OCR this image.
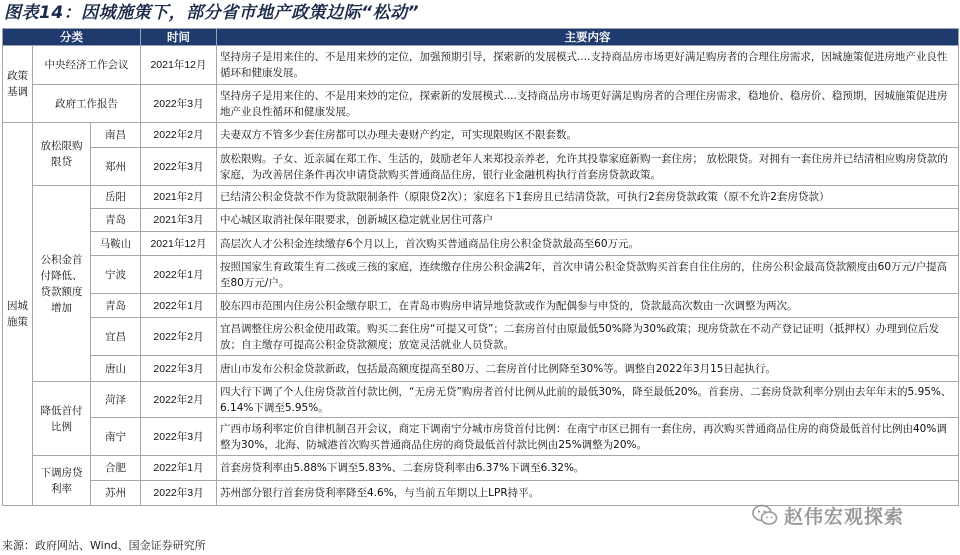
图表14：因城施策下，部分省市地产政策边际“松动”
分类			时间	主要内容
政策基调	中央经济工作会议		2021年12月	坚持房子是用来住的、不是用来炒的定位，加强预期引导，探索新的发展模式....支持商品房市场更好满足购房者的合理住房需求，因城施策促进房地产业良性循环和健康发展。
	政府工作报告		2022年3月	坚持房子是用来住的、不是用来炒的定位，探索新的发展模式....支持商品房市场更好满足购房者的合理住房需求，稳地价、稳房价、稳预期，因城施策促进房地产业良性循环和健康发展。
因城施策	放松限购限贷	南昌	2022年2月	夫妻双方不管多少套住房都可以办理夫妻财产约定，可实现限购区不限套数。
		郑州	2022年3月	放松限购。子女、近亲属在郑工作、生活的，鼓励老年人来郑投亲养老，允许其投靠家庭新购一套住房； 放松限贷。对拥有一套住房并已结清相应购房贷款的家庭，为改善居住条件再次申请贷款购买普通商品住房，银行业金融机构执行首套房贷款政策。
	公积金首付降低、贷款额度增加	岳阳	2021年2月	已结清公积金贷款不作为贷款限制条件（原限贷2次）；家庭名下1套房且已结清贷款，可执行2套房贷款政策（原不允许2套房贷款）
		青岛	2021年3月	中心城区取消社保年限要求，创新城区稳定就业居住可落户
		马鞍山	2021年12月	高层次人才公积金连续缴存6个月以上，首次购买普通商品住房公积金贷款最高至60万元。
		宁波	2022年1月	按照国家生育政策生育二孩或三孩的家庭，连续缴存住房公积金满2年，首次申请公积金贷款购买首套自住住房的，住房公积金最高贷款额度由60万元/户提高至80万元/户。
		青岛	2022年1月	胶东四市范围内住房公积金缴存职工，在青岛市购房申请异地贷款或作为配偶参与申贷的，贷款最高次数由一次调整为两次。
		宜昌	2022年2月	宜昌调整住房公积金使用政策。购买二套住房“可提又可贷”；二套房首付由原最低50%降为30%政策；现房贷款在不动产登记证明（抵押权）办理到位后发放；自主缴存可提高公积金贷款额度；放宽灵活就业人员贷款。
		唐山	2022年3月	唐山市发布公积金贷款新政，包括最高额度提高至80万、二套房首付比例降至30%等。调整自2022年3月15日起执行。
	降低首付比例	菏泽	2022年2月	四大行下调了个人住房贷款首付款比例，“无房无贷”购房者首付比例从此前的最低30%，降至最低20%。首套房、二套房贷款利率分别由去年年末的5.95%、6.14%下调至5.95%。
		南宁	2022年3月	广西市场利率定价自律机制召开会议，商定下调南宁分城市房贷首付比例：在南宁市区已拥有一套住房，再次购买普通商品住房的商贷最低首付比例由40%调整为30%，北海、防城港首次购买普通商品住房的商贷最低首付款比例由25%调整为20%。
	下调房贷利率	合肥	2022年1月	首套房贷利率由5.88%下调至5.83%、二套房贷利率由6.37%下调至6.32%。
		苏州	2022年3月	苏州部分银行首套房贷利率降至4.6%，与当前五年期以上LPR持平。
赵伟宏观探索
来源：政府网站、Wind、国金证券研究所
